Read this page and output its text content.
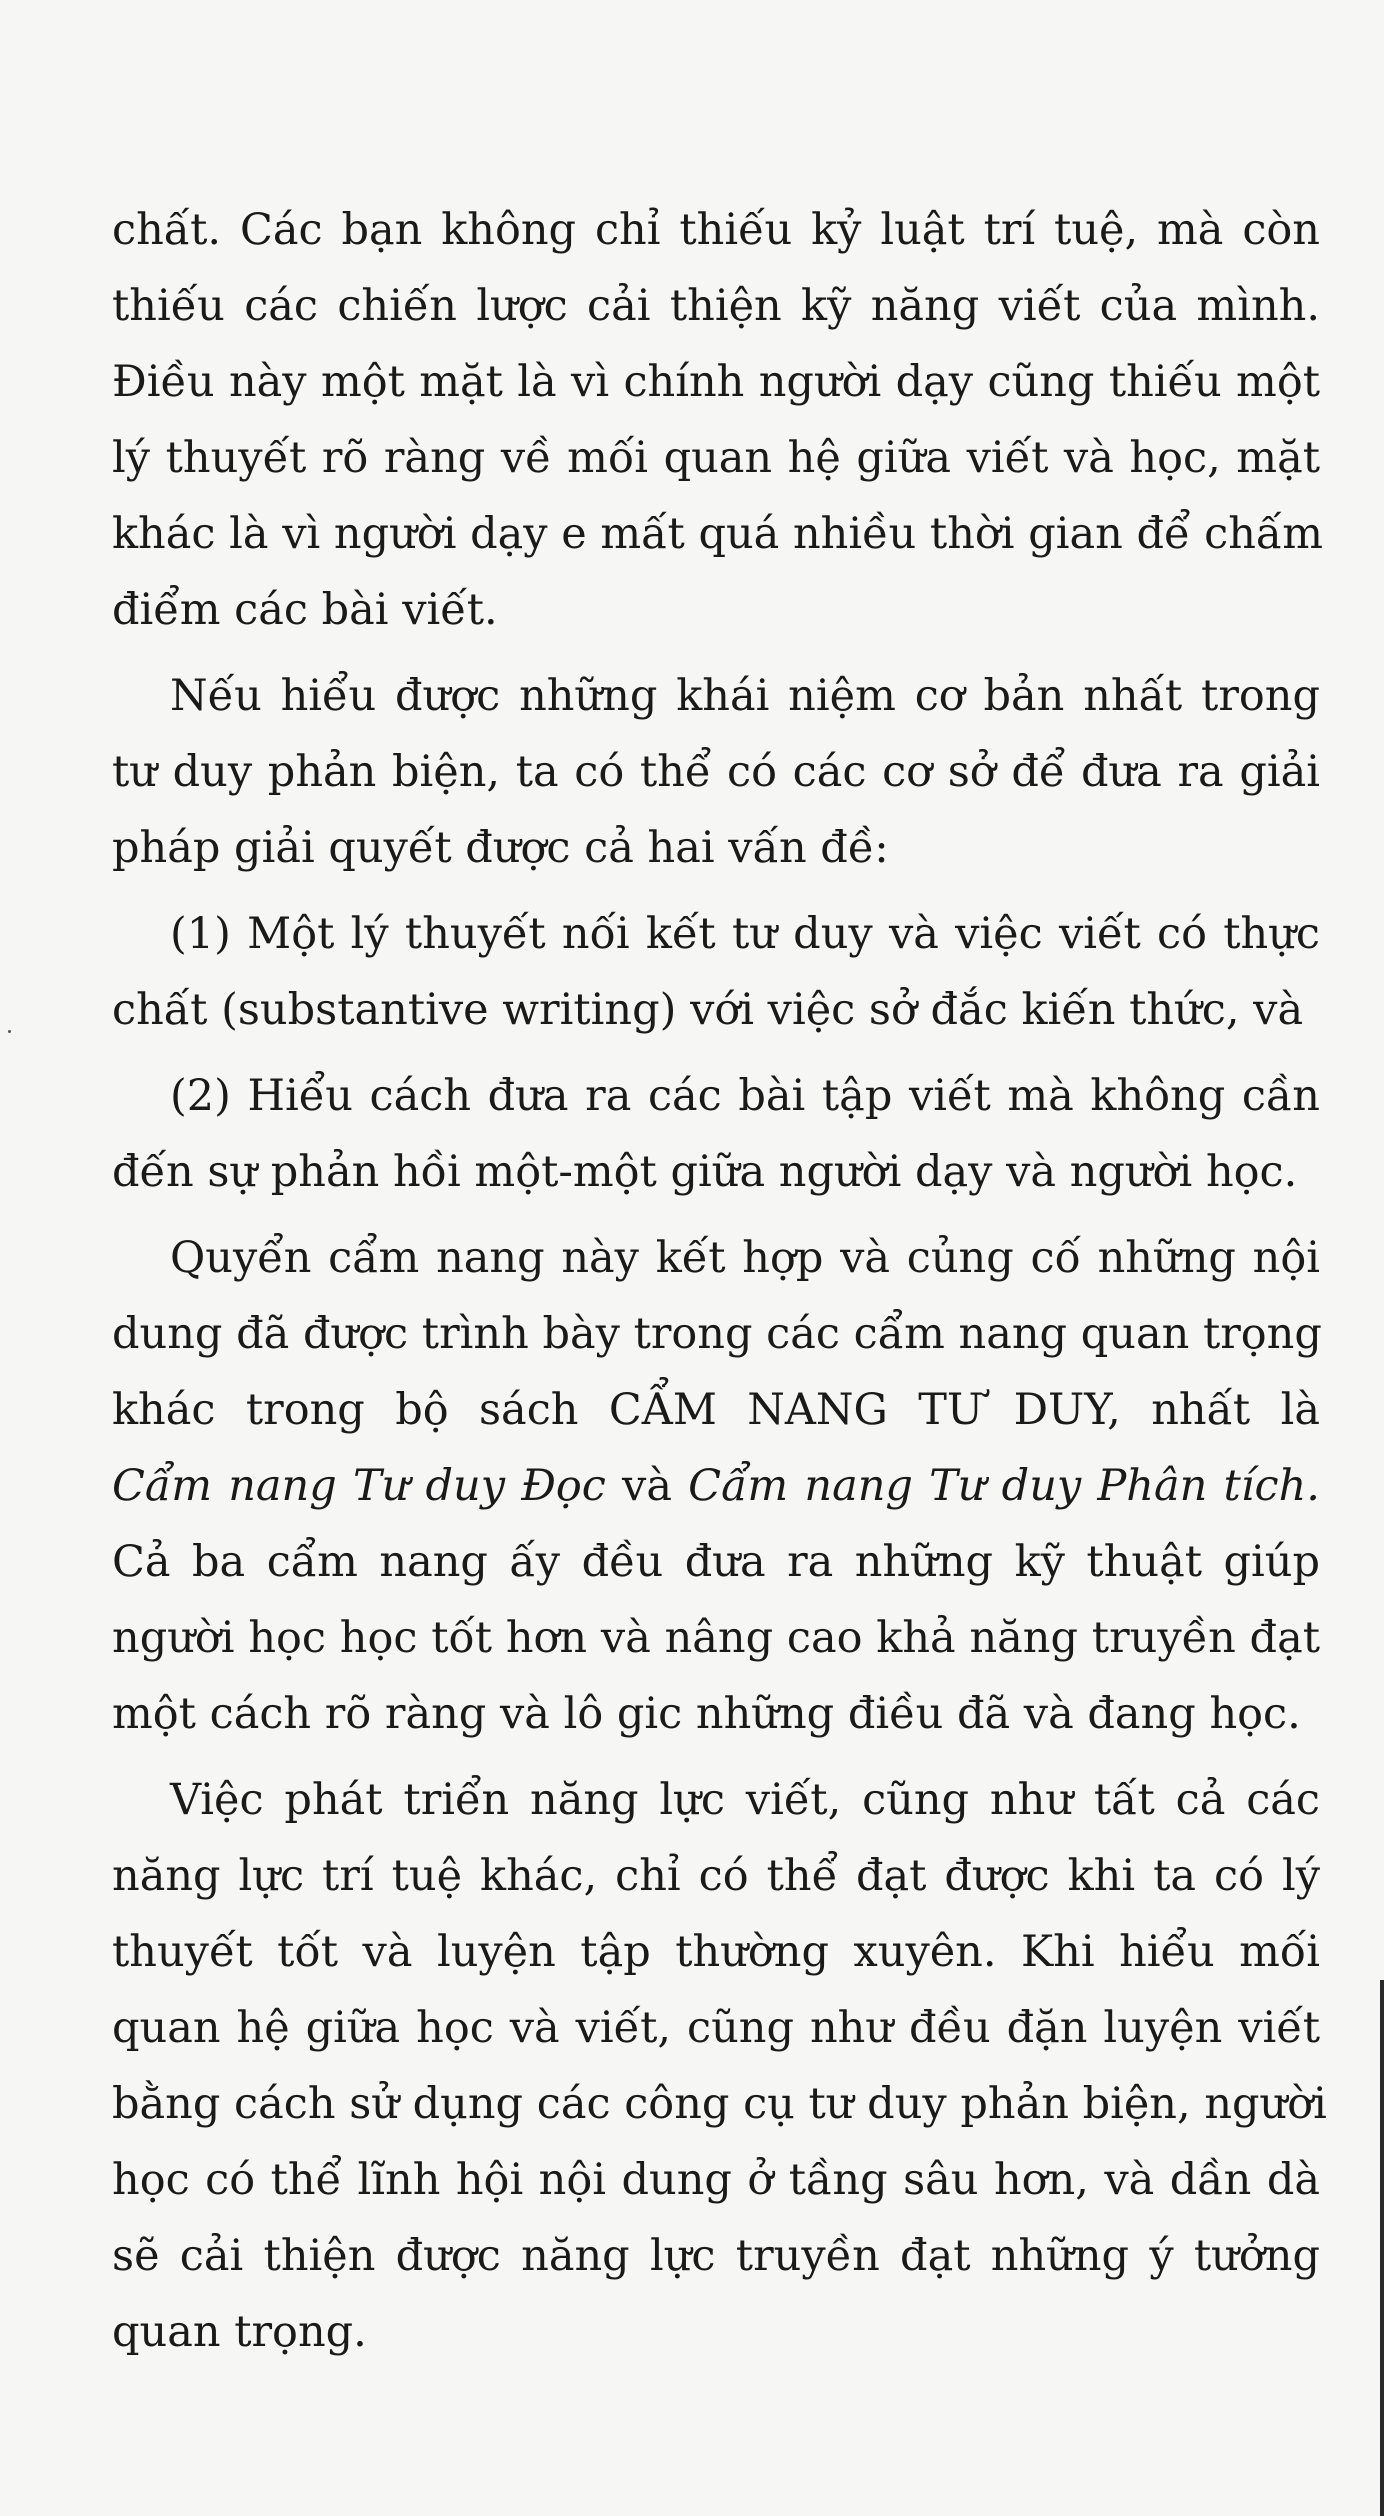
chất. Các bạn không chỉ thiếu kỷ luật trí tuệ, mà còn
thiếu các chiến lược cải thiện kỹ năng viết của mình.
Điều này một mặt là vì chính người dạy cũng thiếu một
lý thuyết rõ ràng về mối quan hệ giữa viết và học, mặt
khác là vì người dạy e mất quá nhiều thời gian để chấm
điểm các bài viết.
Nếu hiểu được những khái niệm cơ bản nhất trong
tư duy phản biện, ta có thể có các cơ sở để đưa ra giải
pháp giải quyết được cả hai vấn đề:
(1) Một lý thuyết nối kết tư duy và việc viết có thực
chất (substantive writing) với việc sở đắc kiến thức, và
(2) Hiểu cách đưa ra các bài tập viết mà không cần
đến sự phản hồi một-một giữa người dạy và người học.
Quyển cẩm nang này kết hợp và củng cố những nội
dung đã được trình bày trong các cẩm nang quan trọng
khác trong bộ sách CẨM NANG TƯ DUY, nhất là
Cẩm nang Tư duy Đọc và Cẩm nang Tư duy Phân tích.
Cả ba cẩm nang ấy đều đưa ra những kỹ thuật giúp
người học học tốt hơn và nâng cao khả năng truyền đạt
một cách rõ ràng và lô gic những điều đã và đang học.
Việc phát triển năng lực viết, cũng như tất cả các
năng lực trí tuệ khác, chỉ có thể đạt được khi ta có lý
thuyết tốt và luyện tập thường xuyên. Khi hiểu mối
quan hệ giữa học và viết, cũng như đều đặn luyện viết
bằng cách sử dụng các công cụ tư duy phản biện, người
học có thể lĩnh hội nội dung ở tầng sâu hơn, và dần dà
sẽ cải thiện được năng lực truyền đạt những ý tưởng
quan trọng.
